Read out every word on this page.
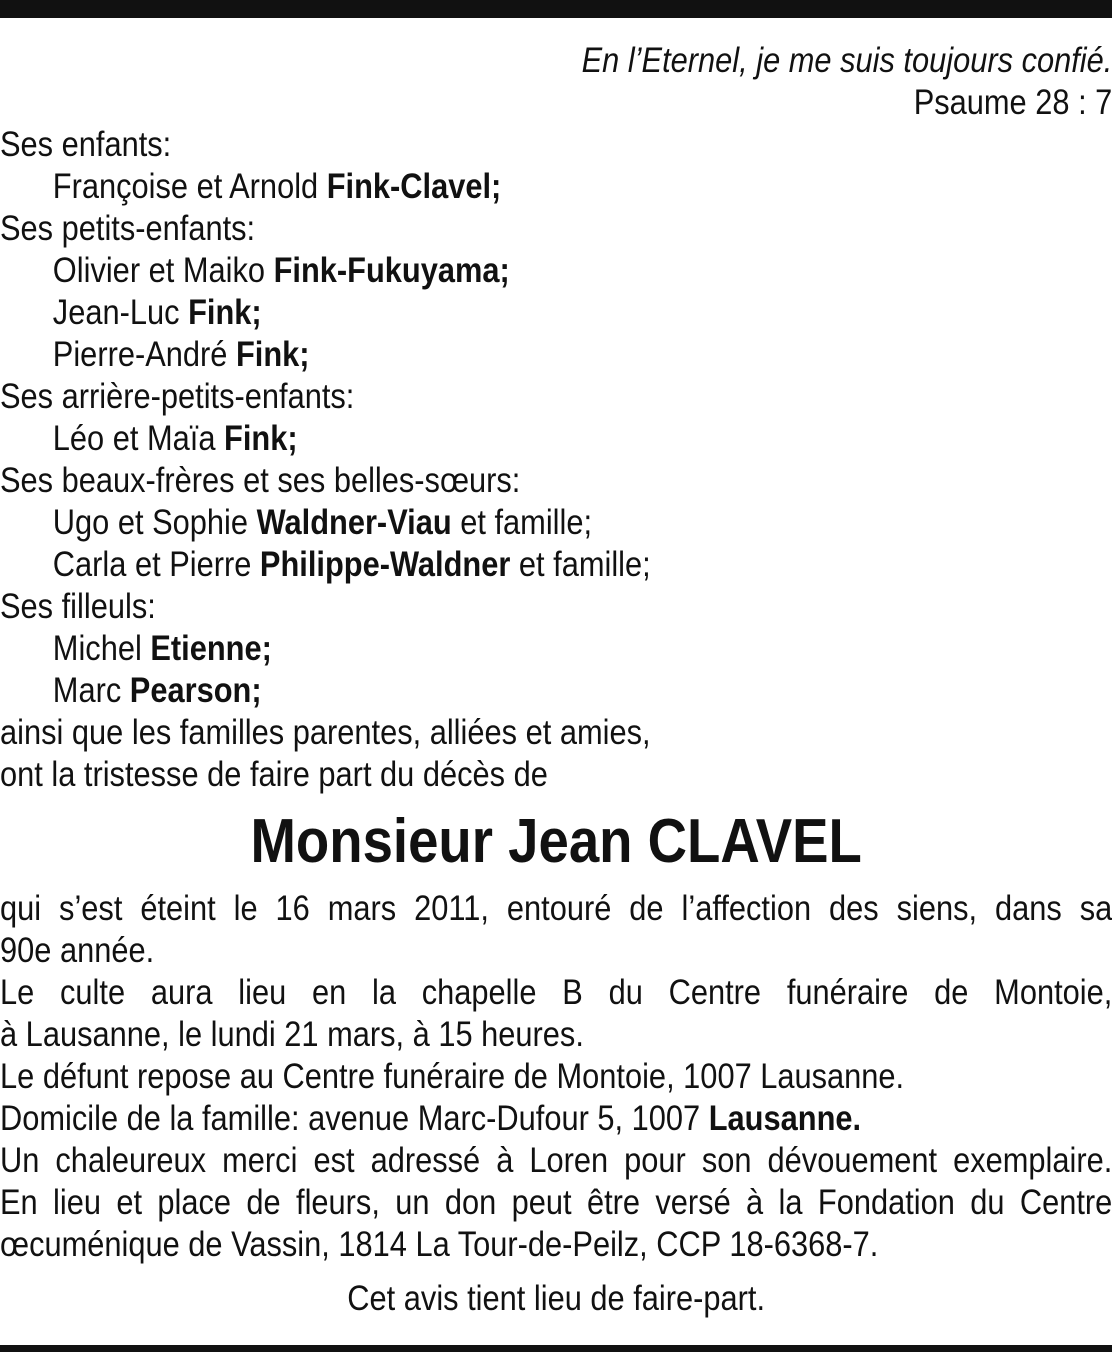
En l’Eternel, je me suis toujours confié.
Psaume 28 : 7
Ses enfants:
Françoise et Arnold Fink-Clavel;
Ses petits-enfants:
Olivier et Maiko Fink-Fukuyama;
Jean-Luc Fink;
Pierre-André Fink;
Ses arrière-petits-enfants:
Léo et Maïa Fink;
Ses beaux-frères et ses belles-sœurs:
Ugo et Sophie Waldner-Viau et famille;
Carla et Pierre Philippe-Waldner et famille;
Ses filleuls:
Michel Etienne;
Marc Pearson;
ainsi que les familles parentes, alliées et amies,
ont la tristesse de faire part du décès de
Monsieur Jean CLAVEL
qui s’est éteint le 16 mars 2011, entouré de l’affection des siens, dans sa
90e année.
Le culte aura lieu en la chapelle B du Centre funéraire de Montoie,
à Lausanne, le lundi 21 mars, à 15 heures.
Le défunt repose au Centre funéraire de Montoie, 1007 Lausanne.
Domicile de la famille: avenue Marc-Dufour 5, 1007 Lausanne.
Un chaleureux merci est adressé à Loren pour son dévouement exemplaire.
En lieu et place de fleurs, un don peut être versé à la Fondation du Centre
œcuménique de Vassin, 1814 La Tour-de-Peilz, CCP 18-6368-7.
Cet avis tient lieu de faire-part.
